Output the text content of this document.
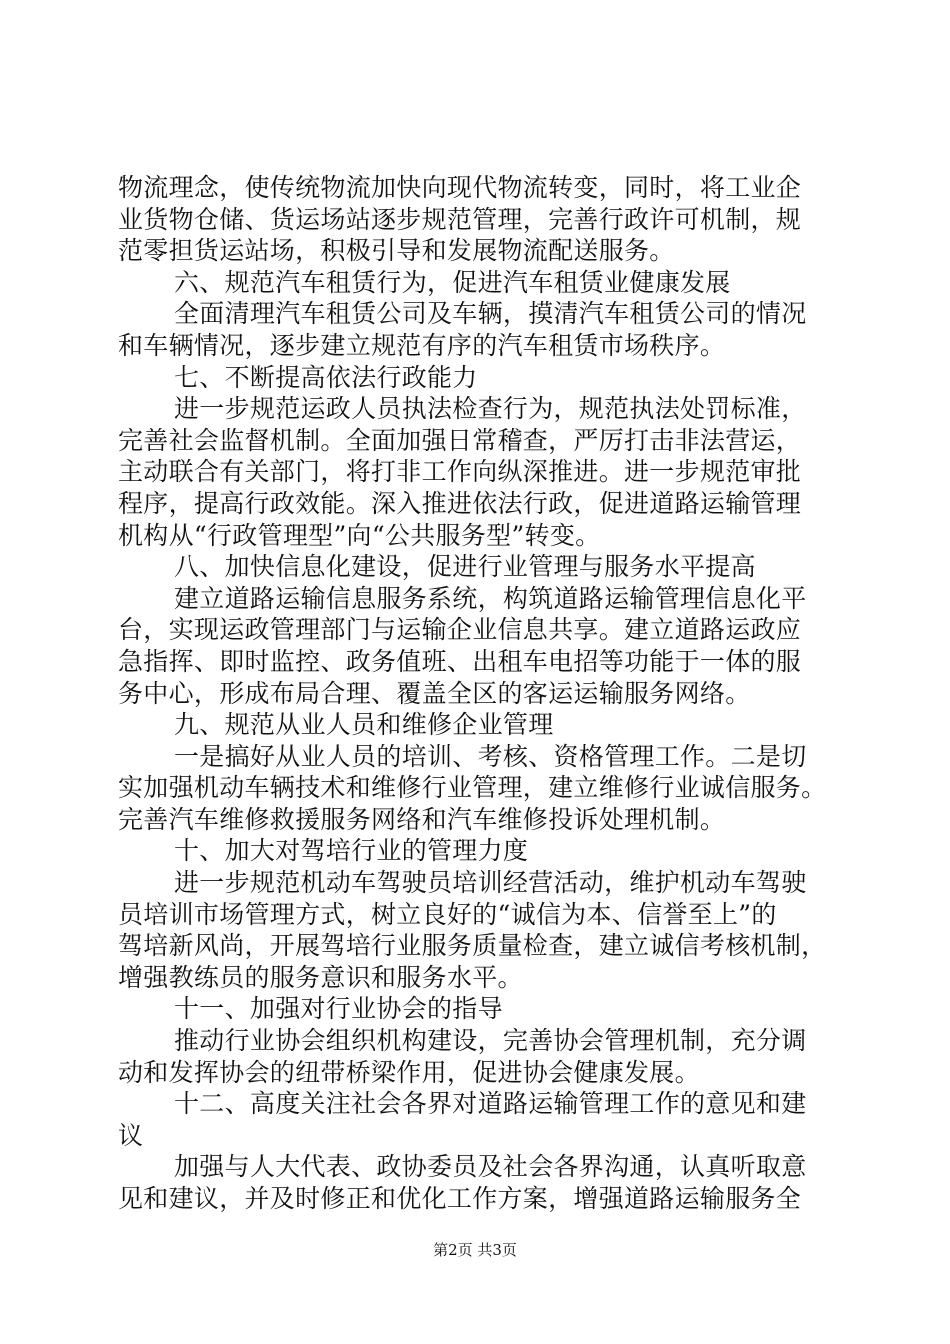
物流理念，使传统物流加快向现代物流转变，同时，将工业企
业货物仓储、货运场站逐步规范管理，完善行政许可机制，规
范零担货运站场，积极引导和发展物流配送服务。
六、规范汽车租赁行为，促进汽车租赁业健康发展
全面清理汽车租赁公司及车辆，摸清汽车租赁公司的情况
和车辆情况，逐步建立规范有序的汽车租赁市场秩序。
七、不断提高依法行政能力
进一步规范运政人员执法检查行为，规范执法处罚标准，
完善社会监督机制。全面加强日常稽查，严厉打击非法营运，
主动联合有关部门，将打非工作向纵深推进。进一步规范审批
程序，提高行政效能。深入推进依法行政，促进道路运输管理
机构从“行政管理型”向“公共服务型”转变。
八、加快信息化建设，促进行业管理与服务水平提高
建立道路运输信息服务系统，构筑道路运输管理信息化平
台，实现运政管理部门与运输企业信息共享。建立道路运政应
急指挥、即时监控、政务值班、出租车电招等功能于一体的服
务中心，形成布局合理、覆盖全区的客运运输服务网络。
九、规范从业人员和维修企业管理
一是搞好从业人员的培训、考核、资格管理工作。二是切
实加强机动车辆技术和维修行业管理，建立维修行业诚信服务。
完善汽车维修救援服务网络和汽车维修投诉处理机制。
十、加大对驾培行业的管理力度
进一步规范机动车驾驶员培训经营活动，维护机动车驾驶
员培训市场管理方式，树立良好的“诚信为本、信誉至上”的
驾培新风尚，开展驾培行业服务质量检查，建立诚信考核机制，
增强教练员的服务意识和服务水平。
十一、加强对行业协会的指导
推动行业协会组织机构建设，完善协会管理机制，充分调
动和发挥协会的纽带桥梁作用，促进协会健康发展。
十二、高度关注社会各界对道路运输管理工作的意见和建
议
加强与人大代表、政协委员及社会各界沟通，认真听取意
见和建议，并及时修正和优化工作方案，增强道路运输服务全
第2页 共3页
